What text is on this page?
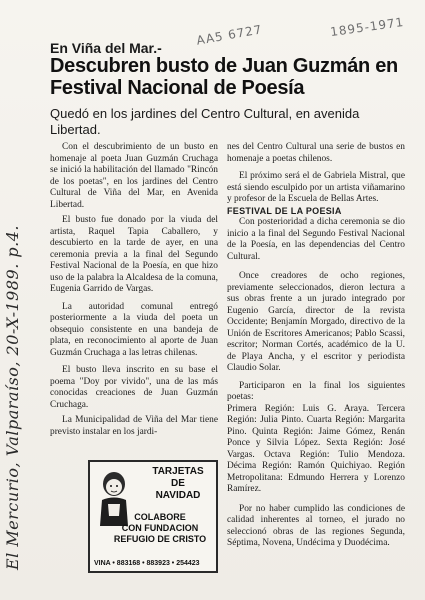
El Mercurio, Valparaíso, 20-X-1989. p.4.
AA5 6727	1895-1971
En Viña del Mar.-
Descubren busto de Juan Guzmán en Festival Nacional de Poesía
Quedó en los jardines del Centro Cultural, en avenida Libertad.

Con el descubrimiento de un busto en homenaje al poeta Juan Guzmán Cruchaga se inició la habilitación del llamado "Rincón de los poetas", en los jardines del Centro Cultural de Viña del Mar, en Avenida Libertad.

El busto fue donado por la viuda del artista, Raquel Tapia Caballero, y descubierto en la tarde de ayer, en una ceremonia previa a la final del Segundo Festival Nacional de la Poesía, en que hizo uso de la palabra la Alcaldesa de la comuna, Eugenia Garrido de Vargas.

La autoridad comunal entregó posteriormente a la viuda del poeta un obsequio consistente en una bandeja de plata, en reconocimiento al aporte de Juan Guzmán Cruchaga a las letras chilenas.

El busto lleva inscrito en su base el poema "Doy por vivido", una de las más conocidas creaciones de Juan Guzmán Cruchaga.

La Municipalidad de Viña del Mar tiene previsto instalar en los jardi-

nes del Centro Cultural una serie de bustos en homenaje a poetas chilenos.

El próximo será el de Gabriela Mistral, que está siendo esculpido por un artista viñamarino y profesor de la Escuela de Bellas Artes.

FESTIVAL DE LA POESIA

Con posterioridad a dicha ceremonia se dio inicio a la final del Segundo Festival Nacional de la Poesía, en las dependencias del Centro Cultural.

Once creadores de ocho regiones, previamente seleccionados, dieron lectura a sus obras frente a un jurado integrado por Eugenio García, director de la revista Occidente; Benjamín Morgado, directivo de la Unión de Escritores Americanos; Pablo Scassi, escritor; Norman Cortés, académico de la U. de Playa Ancha, y el escritor y periodista Claudio Solar.

Participaron en la final los siguientes poetas:

Primera Región: Luis G. Araya. Tercera Región: Julia Pinto. Cuarta Región: Margarita Pino. Quinta Región: Jaime Gómez, Renán Ponce y Silvia López. Sexta Región: José Vargas. Octava Región: Tulio Mendoza. Décima Región: Ramón Quichiyao. Región Metropolitana: Edmundo Herrera y Lorenzo Ramírez.

Por no haber cumplido las condiciones de calidad inherentes al torneo, el jurado no seleccionó obras de las regiones Segunda, Séptima, Novena, Undécima y Duodécima.

TARJETAS
DE
NAVIDAD
COLABORE
CON FUNDACION
REFUGIO DE CRISTO
VIÑA • 883168 • 883923 • 254423
